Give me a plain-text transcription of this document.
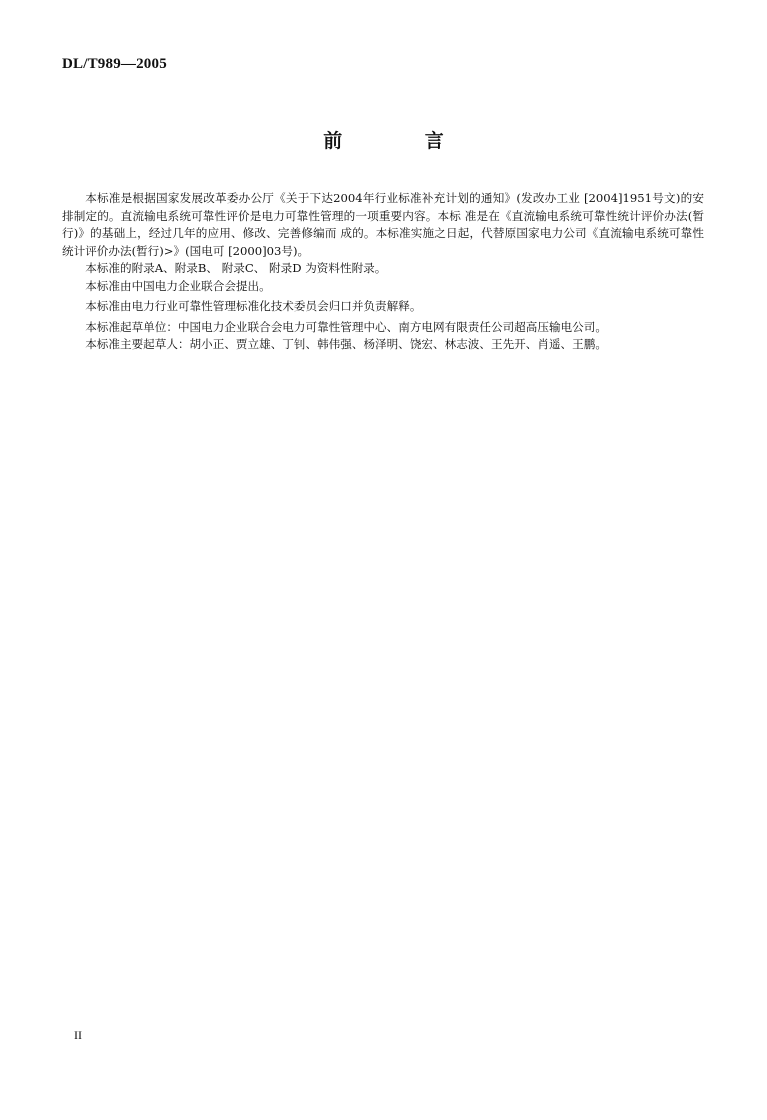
DL/T989—2005
前 言

本标准是根据国家发展改革委办公厅《关于下达2004年行业标准补充计划的通知》(发改办工业 [2004]1951号文)的安排制定的。直流输电系统可靠性评价是电力可靠性管理的一项重要内容。本标 准是在《直流输电系统可靠性统计评价办法(暂行)》的基础上，经过几年的应用、修改、完善修编而 成的。本标准实施之日起，代替原国家电力公司《直流输电系统可靠性统计评价办法(暂行)>》(国电可 [2000]03号)。

本标准的附录A、附录B、 附录C、 附录D 为资料性附录。

本标准由中国电力企业联合会提出。

本标准由电力行业可靠性管理标准化技术委员会归口并负责解释。

本标准起草单位：中国电力企业联合会电力可靠性管理中心、南方电网有限责任公司超高压输电公司。

本标准主要起草人：胡小正、贾立雄、丁钊、韩伟强、杨泽明、饶宏、林志波、王先开、肖遥、王鹏。

II
